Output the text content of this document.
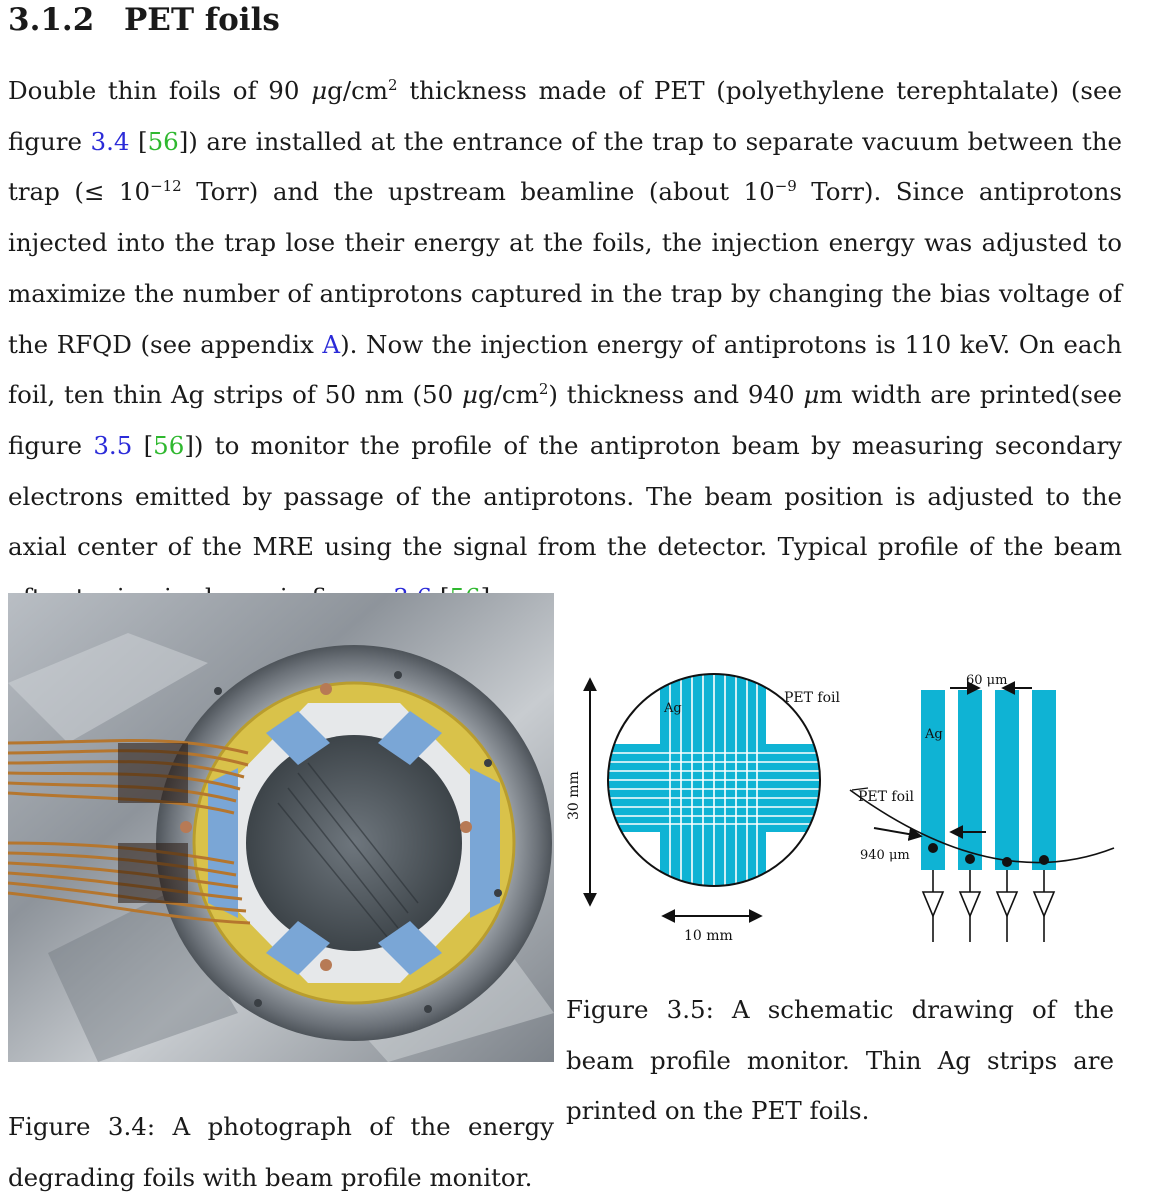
3.1.2 PET foils

Double thin foils of 90 $\mu g/cm^2$ thickness made of PET (polyethylene terephtalate) (see figure 3.4 [56]) are installed at the entrance of the trap to separate vacuum between the trap (≤ $10^{-12}$ Torr) and the upstream beamline (about $10^{-9}$ Torr). Since antiprotons injected into the trap lose their energy at the foils, the injection energy was adjusted to maximize the number of antiprotons captured in the trap by changing the bias voltage of the RFQD (see appendix A). Now the injection energy of antiprotons is 110 keV. On each foil, ten thin Ag strips of 50 nm (50 $\mu g/cm^2$) thickness and 940 μm width are printed(see figure 3.5 [56]) to monitor the profile of the antiproton beam by measuring secondary electrons emitted by passage of the antiprotons. The beam position is adjusted to the axial center of the MRE using the signal from the detector. Typical profile of the beam

Ag
PET foil
30 mm
10 mm
60 μm
Ag
PET foil
940 μm

Figure 3.4: A photograph of the energy degrading foils with beam profile monitor.

Figure 3.5: A schematic drawing of the beam profile monitor. Thin Ag strips are printed on the PET foils.
